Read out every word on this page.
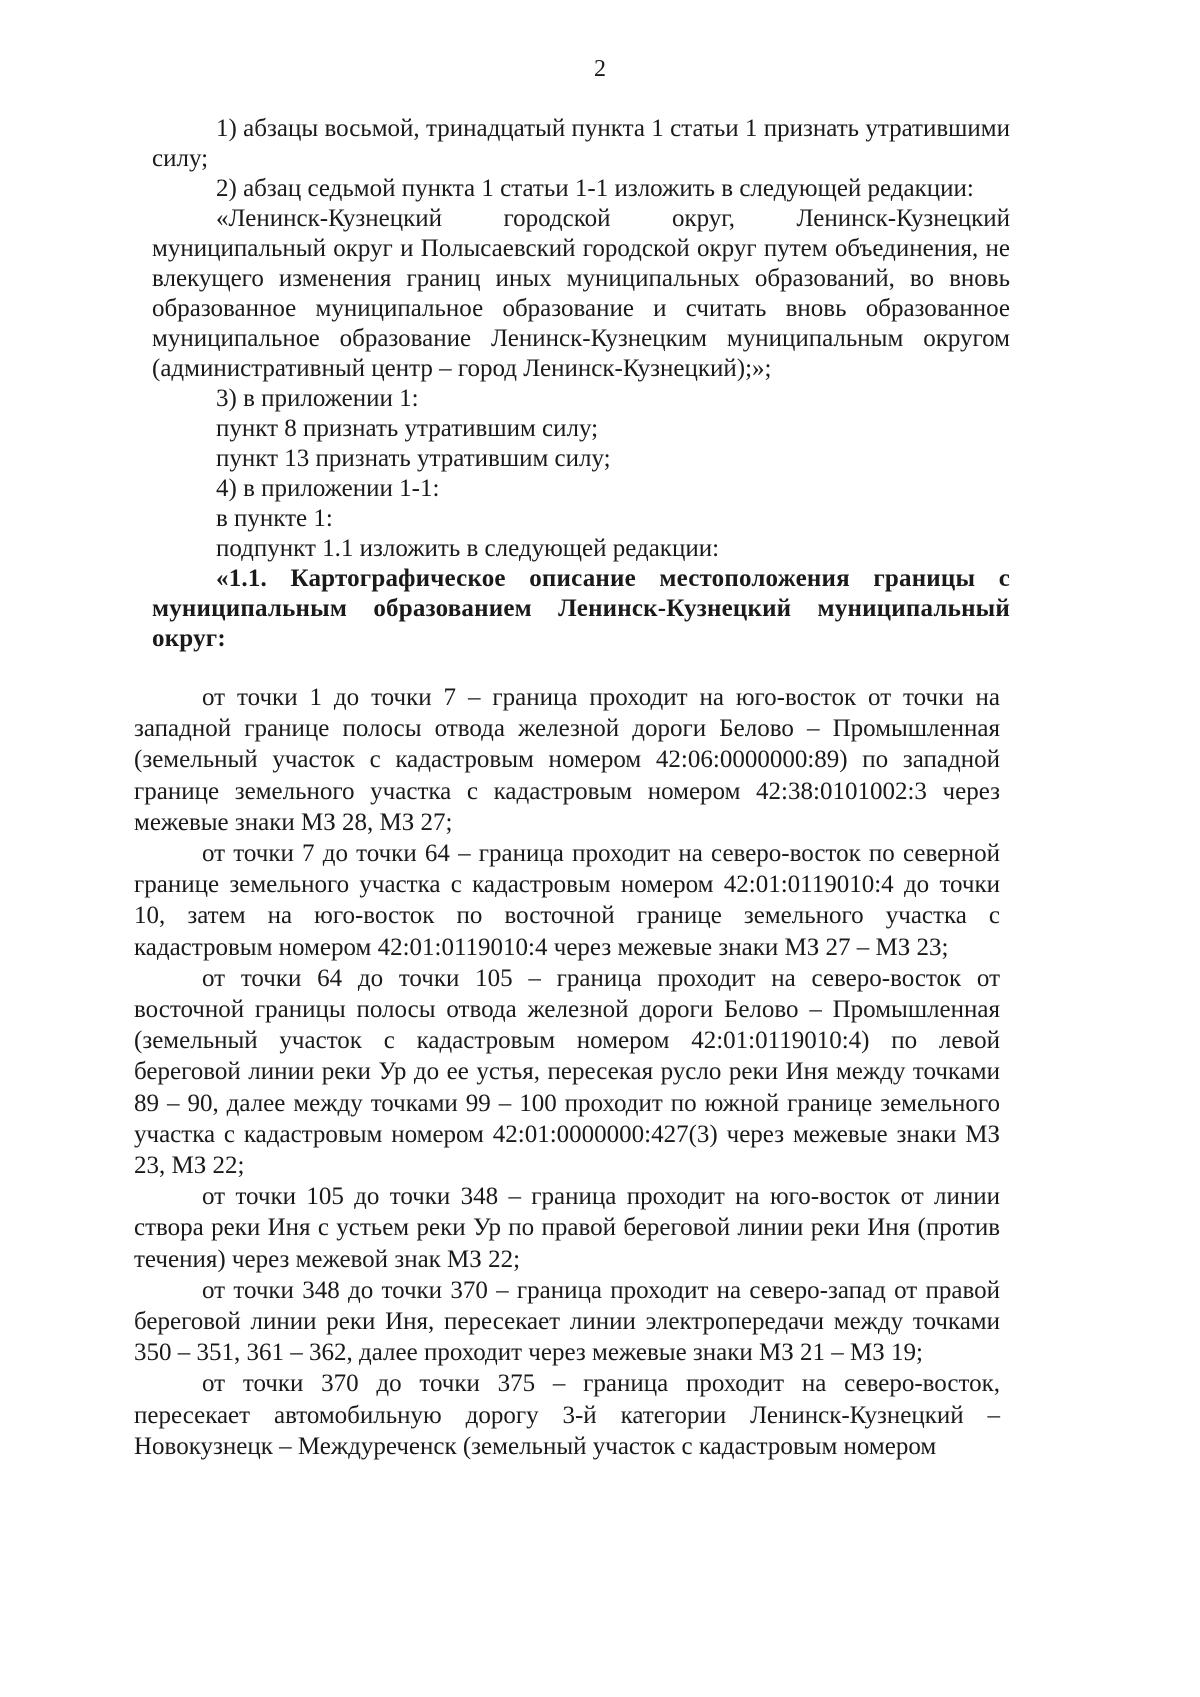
2

1) абзацы восьмой, тринадцатый пункта 1 статьи 1 признать утратившими силу;

2) абзац седьмой пункта 1 статьи 1-1 изложить в следующей редакции:

«Ленинск-Кузнецкий городской округ, Ленинск-Кузнецкий муниципальный округ и Полысаевский городской округ путем объединения, не влекущего изменения границ иных муниципальных образований, во вновь образованное муниципальное образование и считать вновь образованное муниципальное образование Ленинск-Кузнецким муниципальным округом (административный центр – город Ленинск-Кузнецкий);»;

3) в приложении 1:

пункт 8 признать утратившим силу;

пункт 13 признать утратившим силу;

4) в приложении 1-1:

в пункте 1:

подпункт 1.1 изложить в следующей редакции:

«1.1. Картографическое описание местоположения границы с муниципальным образованием Ленинск-Кузнецкий муниципальный округ:

от точки 1 до точки 7 – граница проходит на юго-восток от точки на западной границе полосы отвода железной дороги Белово – Промышленная (земельный участок с кадастровым номером 42:06:0000000:89) по западной границе земельного участка с кадастровым номером 42:38:0101002:3 через межевые знаки МЗ 28, МЗ 27;

от точки 7 до точки 64 – граница проходит на северо-восток по северной границе земельного участка с кадастровым номером 42:01:0119010:4 до точки 10, затем на юго-восток по восточной границе земельного участка с кадастровым номером 42:01:0119010:4 через межевые знаки МЗ 27 – МЗ 23;

от точки 64 до точки 105 – граница проходит на северо-восток от восточной границы полосы отвода железной дороги Белово – Промышленная (земельный участок с кадастровым номером 42:01:0119010:4) по левой береговой линии реки Ур до ее устья, пересекая русло реки Иня между точками 89 – 90, далее между точками 99 – 100 проходит по южной границе земельного участка с кадастровым номером 42:01:0000000:427(3) через межевые знаки МЗ 23, МЗ 22;

от точки 105 до точки 348 – граница проходит на юго-восток от линии створа реки Иня с устьем реки Ур по правой береговой линии реки Иня (против течения) через межевой знак МЗ 22;

от точки 348 до точки 370 – граница проходит на северо-запад от правой береговой линии реки Иня, пересекает линии электропередачи между точками 350 – 351, 361 – 362, далее проходит через межевые знаки МЗ 21 – МЗ 19;

от точки 370 до точки 375 – граница проходит на северо-восток, пересекает автомобильную дорогу 3-й категории Ленинск-Кузнецкий – Новокузнецк – Междуреченск (земельный участок с кадастровым номером
